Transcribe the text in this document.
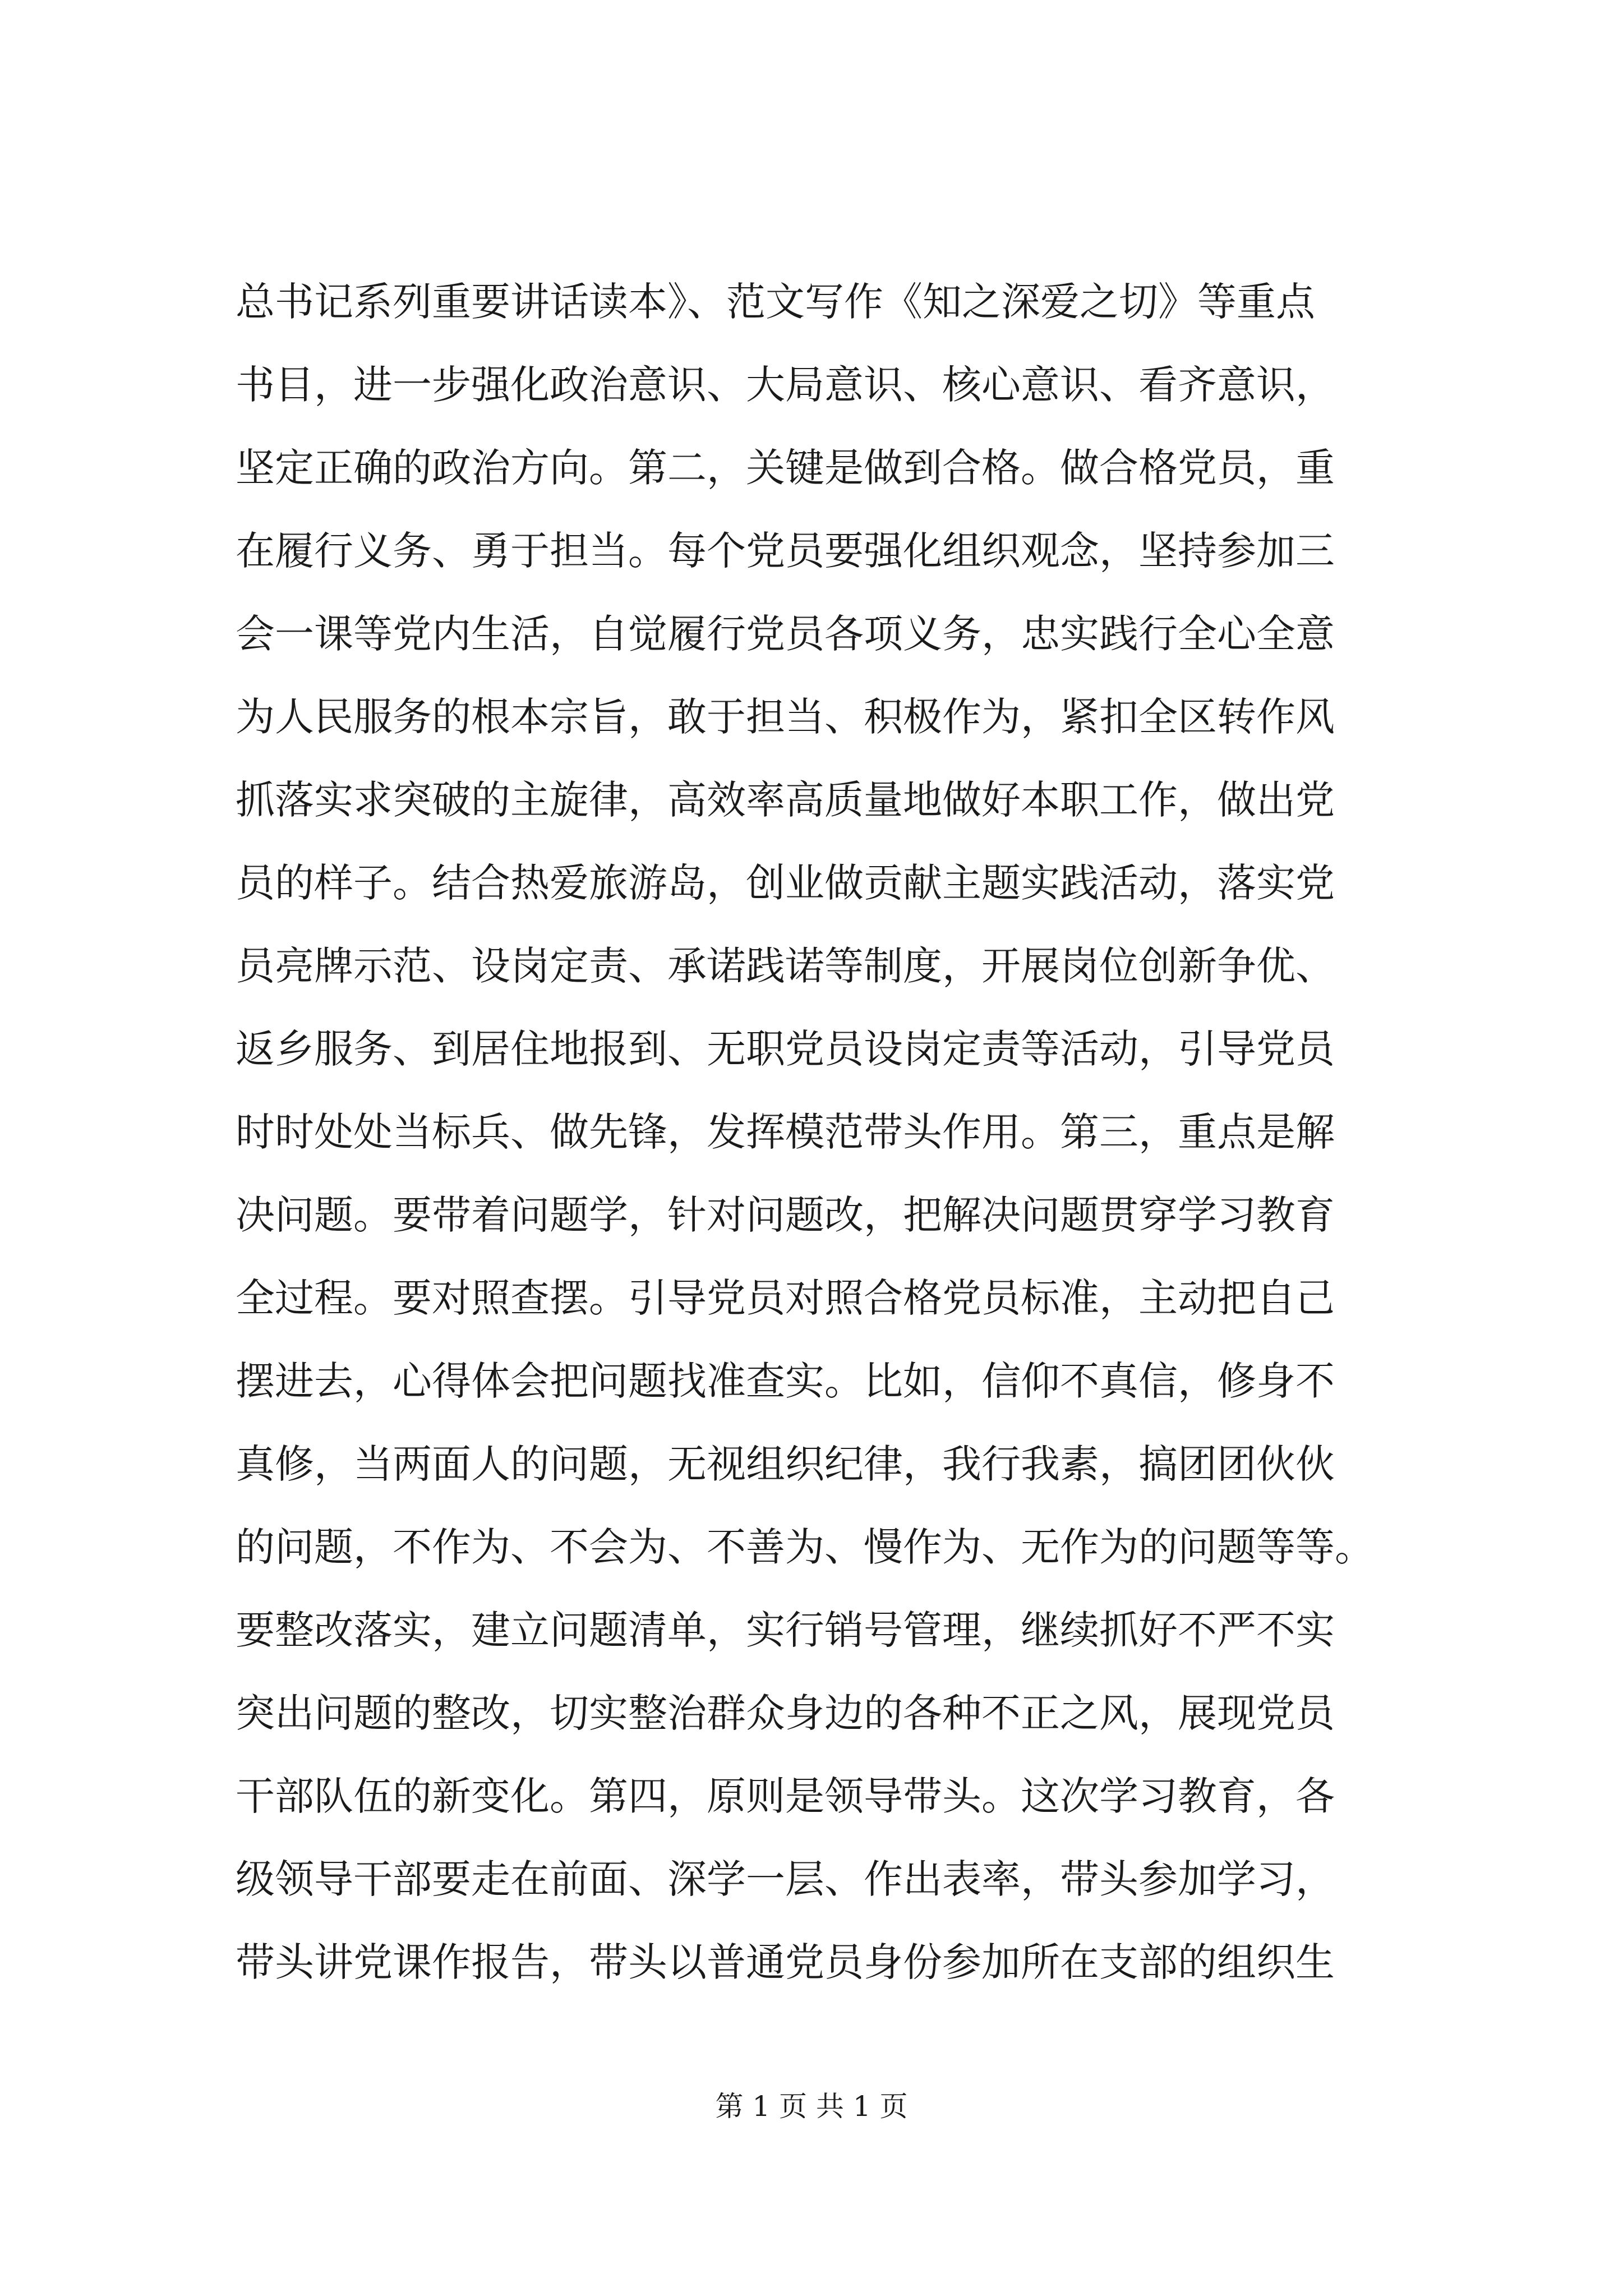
总书记系列重要讲话读本》、范文写作《知之深爱之切》等重点
书目，进一步强化政治意识、大局意识、核心意识、看齐意识，
坚定正确的政治方向。第二，关键是做到合格。做合格党员，重
在履行义务、勇于担当。每个党员要强化组织观念，坚持参加三
会一课等党内生活，自觉履行党员各项义务，忠实践行全心全意
为人民服务的根本宗旨，敢于担当、积极作为，紧扣全区转作风
抓落实求突破的主旋律，高效率高质量地做好本职工作，做出党
员的样子。结合热爱旅游岛，创业做贡献主题实践活动，落实党
员亮牌示范、设岗定责、承诺践诺等制度，开展岗位创新争优、
返乡服务、到居住地报到、无职党员设岗定责等活动，引导党员
时时处处当标兵、做先锋，发挥模范带头作用。第三，重点是解
决问题。要带着问题学，针对问题改，把解决问题贯穿学习教育
全过程。要对照查摆。引导党员对照合格党员标准，主动把自己
摆进去，心得体会把问题找准查实。比如，信仰不真信，修身不
真修，当两面人的问题，无视组织纪律，我行我素，搞团团伙伙
的问题，不作为、不会为、不善为、慢作为、无作为的问题等等。
要整改落实，建立问题清单，实行销号管理，继续抓好不严不实
突出问题的整改，切实整治群众身边的各种不正之风，展现党员
干部队伍的新变化。第四，原则是领导带头。这次学习教育，各
级领导干部要走在前面、深学一层、作出表率，带头参加学习，
带头讲党课作报告，带头以普通党员身份参加所在支部的组织生
第 1 页 共 1 页
